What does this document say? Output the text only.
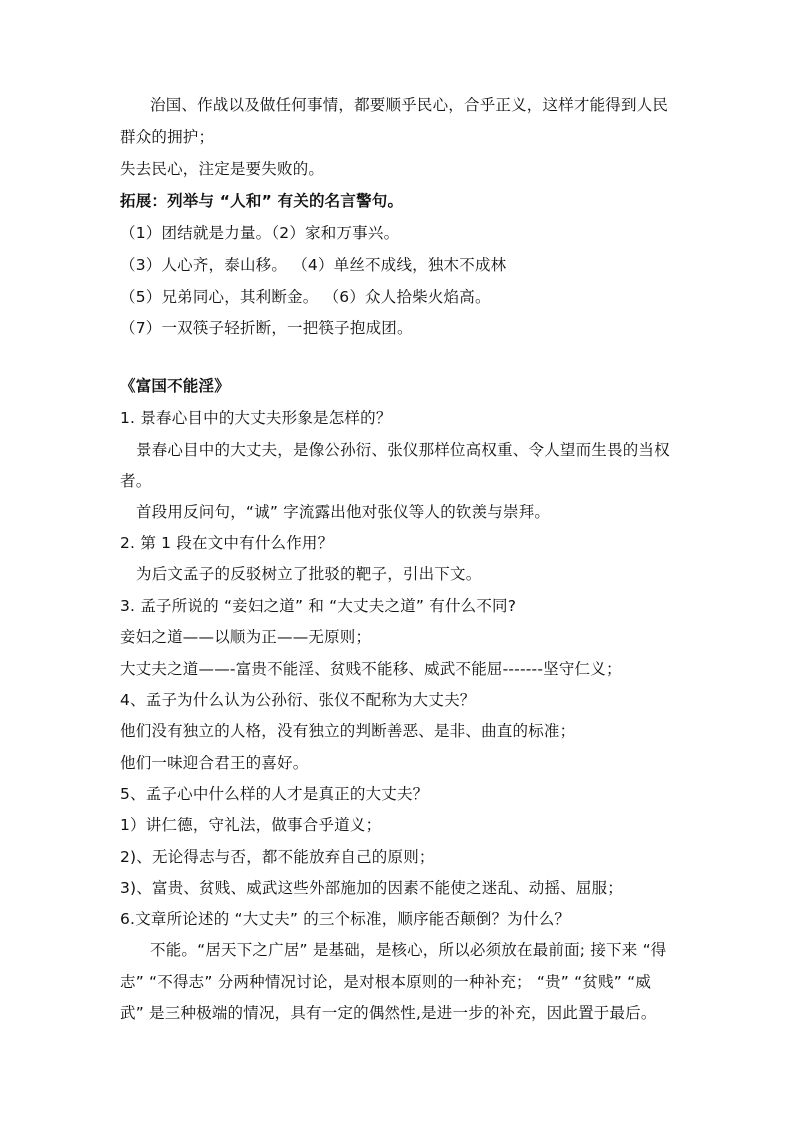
治国、作战以及做任何事情，都要顺乎民心，合乎正义，这样才能得到人民
群众的拥护；
失去民心，注定是要失败的。
拓展：列举与 “人和” 有关的名言警句。
（1）团结就是力量。（2）家和万事兴。
（3）人心齐，泰山移。 （4）单丝不成线，独木不成林
（5）兄弟同心，其利断金。 （6）众人拾柴火焰高。
（7）一双筷子轻折断，一把筷子抱成团。
《富国不能淫》
1. 景春心目中的大丈夫形象是怎样的？
景春心目中的大丈夫，是像公孙衍、张仪那样位高权重、令人望而生畏的当权
者。
首段用反问句，“诚” 字流露出他对张仪等人的钦羡与崇拜。
2. 第 1 段在文中有什么作用？
为后文孟子的反驳树立了批驳的靶子，引出下文。
3. 孟子所说的 “妾妇之道” 和 “大丈夫之道” 有什么不同?
妾妇之道——以顺为正——无原则；
大丈夫之道——-富贵不能淫、贫贱不能移、威武不能屈-------坚守仁义；
4、孟子为什么认为公孙衍、张仪不配称为大丈夫？
他们没有独立的人格，没有独立的判断善恶、是非、曲直的标准；
他们一味迎合君王的喜好。
5、孟子心中什么样的人才是真正的大丈夫？
1）讲仁德，守礼法，做事合乎道义；
2)、无论得志与否，都不能放弃自己的原则；
3)、富贵、贫贱、威武这些外部施加的因素不能使之迷乱、动摇、屈服；
6.文章所论述的 “大丈夫” 的三个标准，顺序能否颠倒？为什么？
不能。“居天下之广居” 是基础，是核心，所以必须放在最前面; 接下来 “得
志” “不得志” 分两种情况讨论，是对根本原则的一种补充； “贵” “贫贱” “威
武” 是三种极端的情况，具有一定的偶然性,是进一步的补充，因此置于最后。
